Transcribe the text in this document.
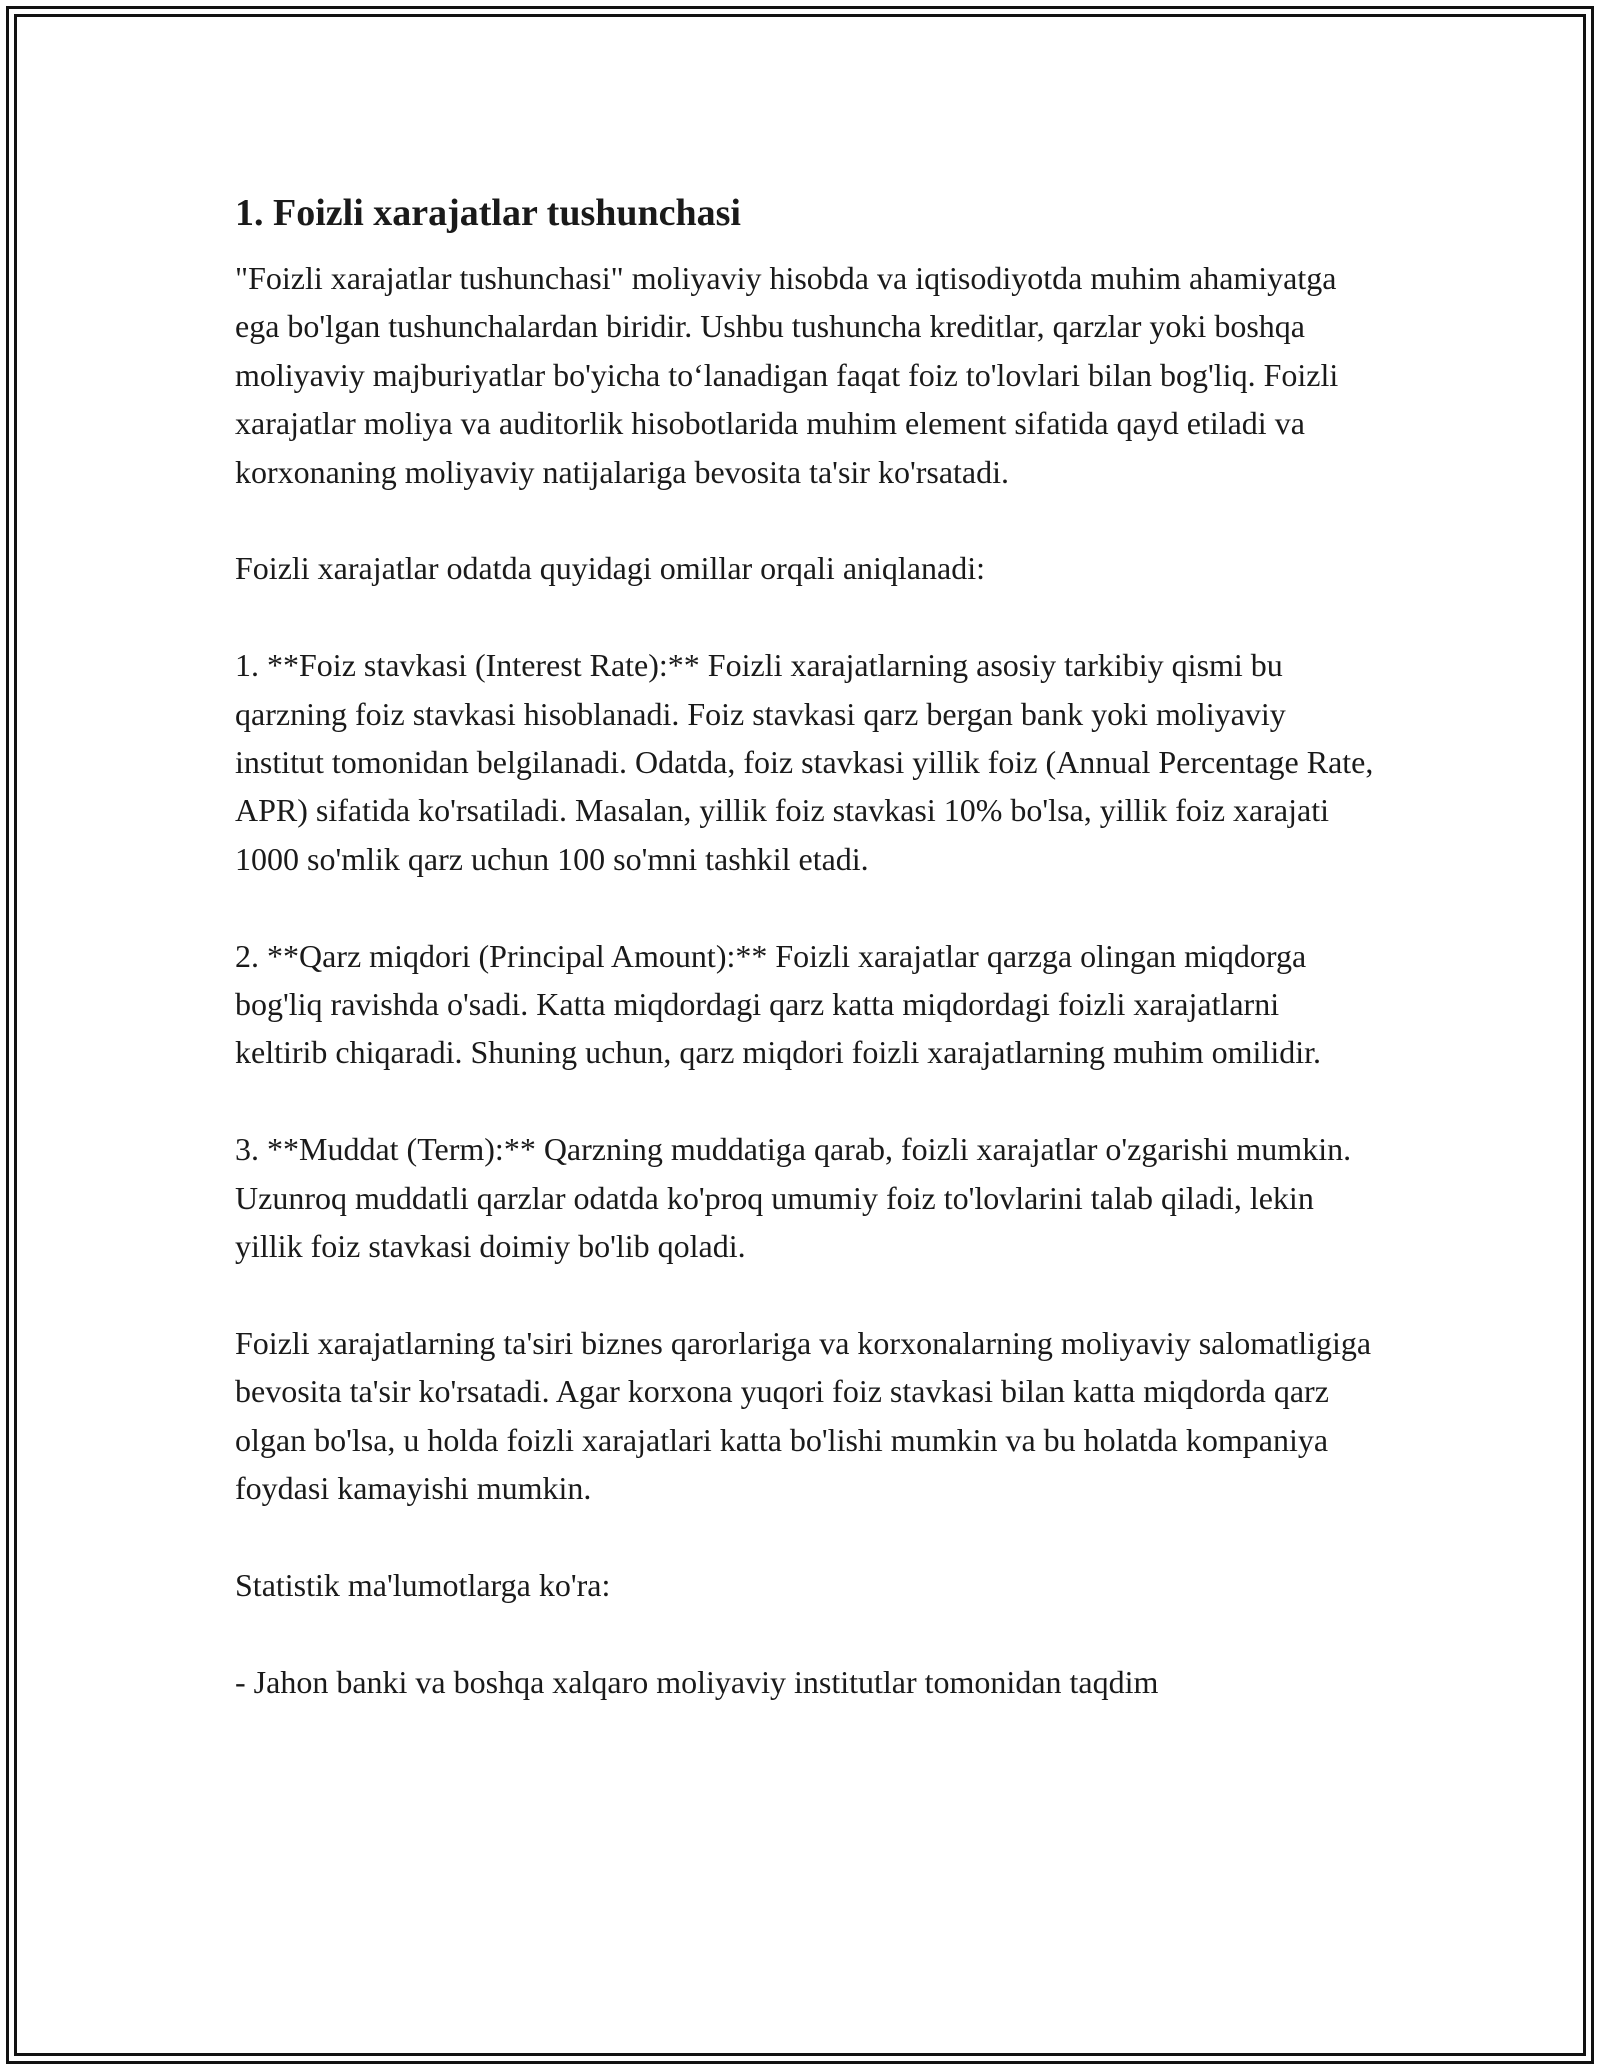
1. Foizli xarajatlar tushunchasi

"Foizli xarajatlar tushunchasi" moliyaviy hisobda va iqtisodiyotda muhim ahamiyatga ega bo'lgan tushunchalardan biridir. Ushbu tushuncha kreditlar, qarzlar yoki boshqa moliyaviy majburiyatlar bo'yicha to‘lanadigan faqat foiz to'lovlari bilan bog'liq. Foizli xarajatlar moliya va auditorlik hisobotlarida muhim element sifatida qayd etiladi va korxonaning moliyaviy natijalariga bevosita ta'sir ko'rsatadi.

Foizli xarajatlar odatda quyidagi omillar orqali aniqlanadi:

1. **Foiz stavkasi (Interest Rate):** Foizli xarajatlarning asosiy tarkibiy qismi bu qarzning foiz stavkasi hisoblanadi. Foiz stavkasi qarz bergan bank yoki moliyaviy institut tomonidan belgilanadi. Odatda, foiz stavkasi yillik foiz (Annual Percentage Rate, APR) sifatida ko'rsatiladi. Masalan, yillik foiz stavkasi 10% bo'lsa, yillik foiz xarajati 1000 so'mlik qarz uchun 100 so'mni tashkil etadi.

2. **Qarz miqdori (Principal Amount):** Foizli xarajatlar qarzga olingan miqdorga bog'liq ravishda o'sadi. Katta miqdordagi qarz katta miqdordagi foizli xarajatlarni keltirib chiqaradi. Shuning uchun, qarz miqdori foizli xarajatlarning muhim omilidir.

3. **Muddat (Term):** Qarzning muddatiga qarab, foizli xarajatlar o'zgarishi mumkin. Uzunroq muddatli qarzlar odatda ko'proq umumiy foiz to'lovlarini talab qiladi, lekin yillik foiz stavkasi doimiy bo'lib qoladi.

Foizli xarajatlarning ta'siri biznes qarorlariga va korxonalarning moliyaviy salomatligiga bevosita ta'sir ko'rsatadi. Agar korxona yuqori foiz stavkasi bilan katta miqdorda qarz olgan bo'lsa, u holda foizli xarajatlari katta bo'lishi mumkin va bu holatda kompaniya foydasi kamayishi mumkin.

Statistik ma'lumotlarga ko'ra:

- Jahon banki va boshqa xalqaro moliyaviy institutlar tomonidan taqdim
